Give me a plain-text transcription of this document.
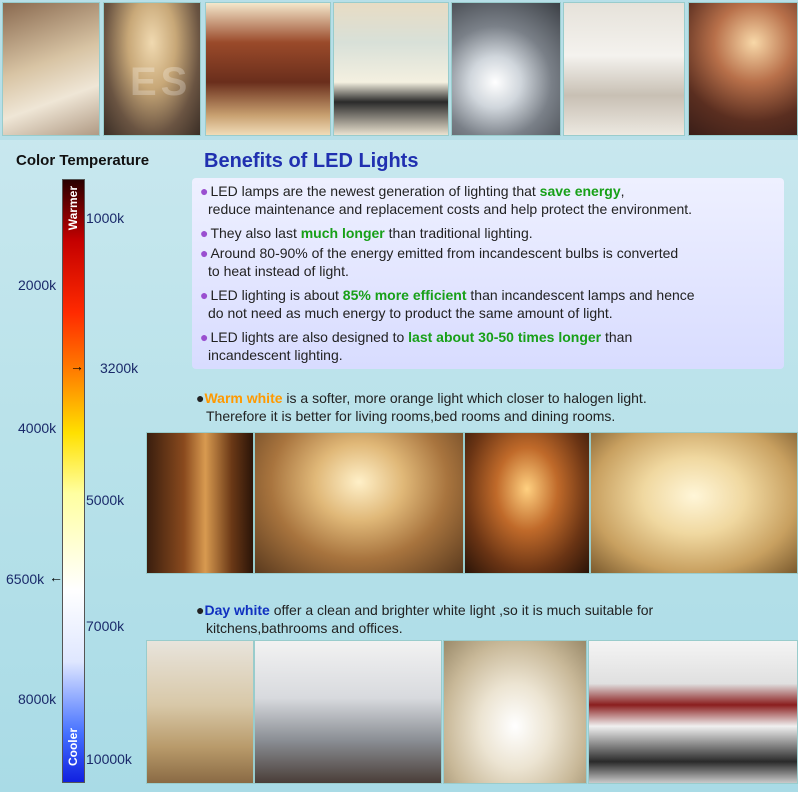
Color Temperature
Warmer
Cooler
1000k
2000k
→ 3200k
4000k
5000k
6500k ←
7000k
8000k
10000k
Benefits of LED Lights
● LED lamps are the newest generation of lighting that save energy,
reduce maintenance and replacement costs and help protect the environment.
● They also last much longer than traditional lighting.
● Around 80-90% of the energy emitted from incandescent bulbs is converted
to heat instead of light.
● LED lighting is about 85% more efficient than incandescent lamps and hence
do not need as much energy to product the same amount of light.
● LED lights are also designed to last about 30-50 times longer than
incandescent lighting.
●Warm white is a softer, more orange light which closer to halogen light.
Therefore it is better for living rooms,bed rooms and dining rooms.
●Day white offer a clean and brighter white light ,so it is much suitable for
kitchens,bathrooms and offices.
ES
